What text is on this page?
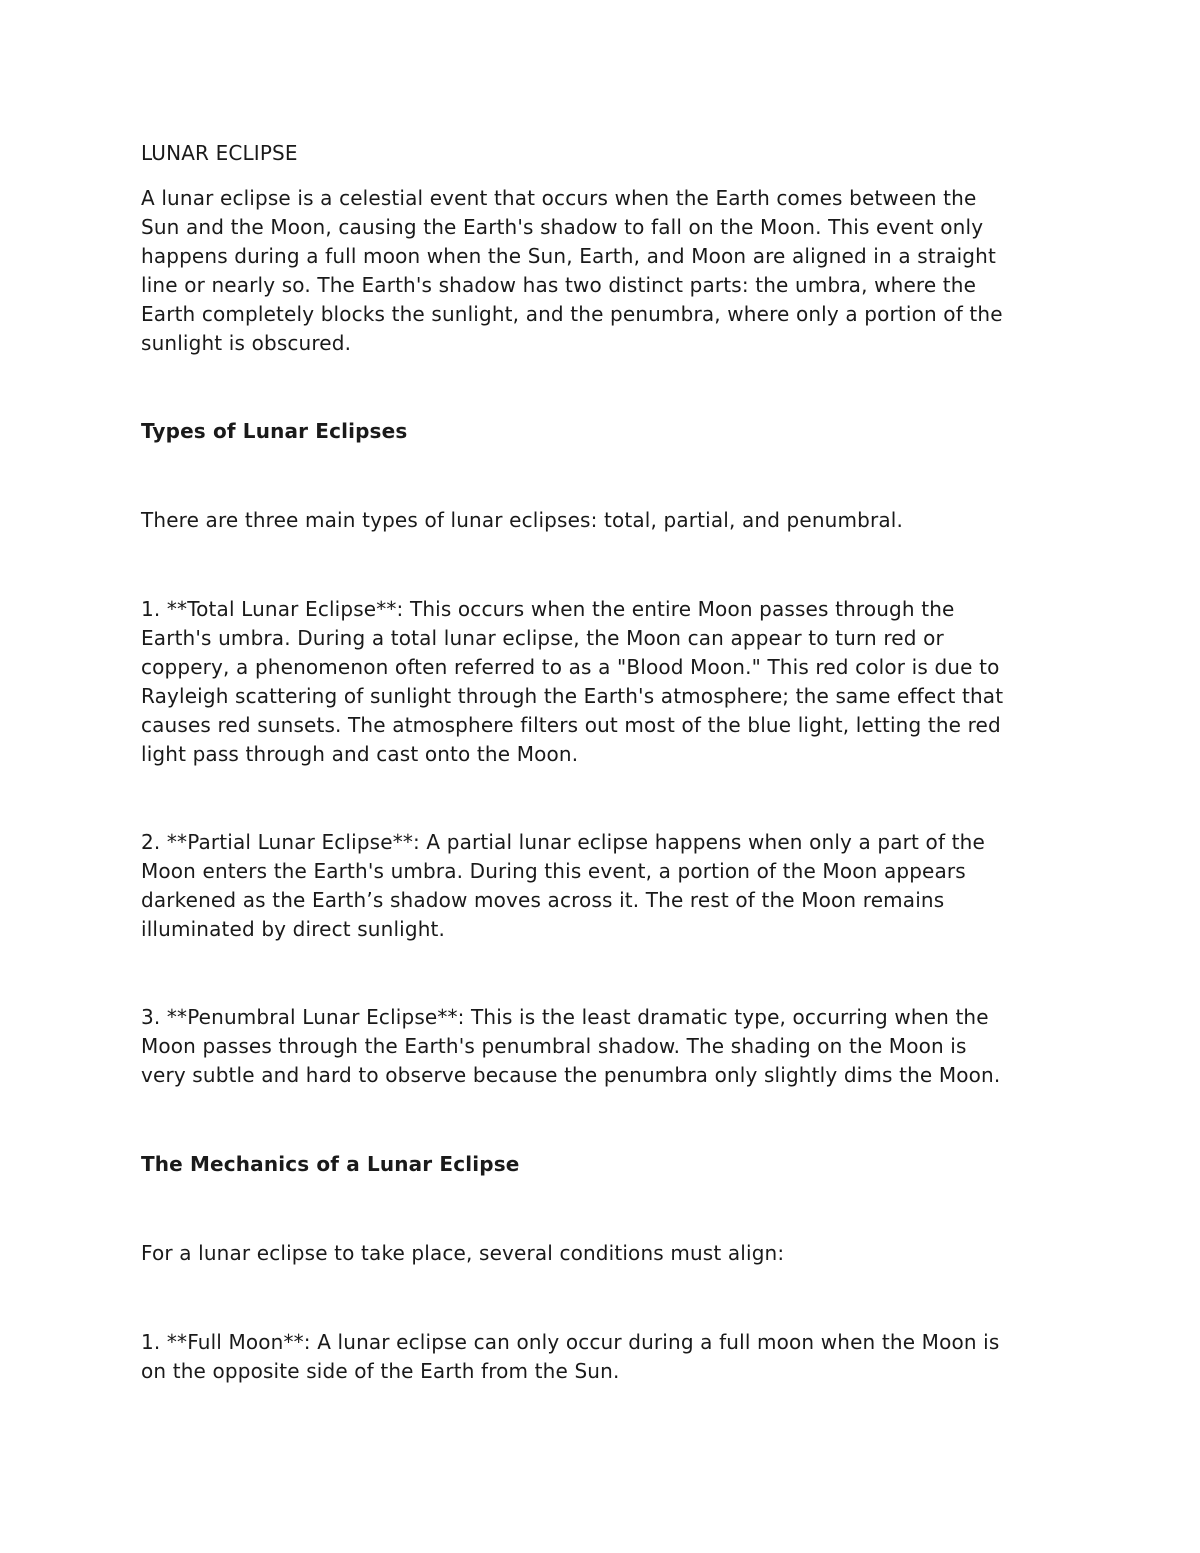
LUNAR ECLIPSE

A lunar eclipse is a celestial event that occurs when the Earth comes between the
Sun and the Moon, causing the Earth's shadow to fall on the Moon. This event only
happens during a full moon when the Sun, Earth, and Moon are aligned in a straight
line or nearly so. The Earth's shadow has two distinct parts: the umbra, where the
Earth completely blocks the sunlight, and the penumbra, where only a portion of the
sunlight is obscured.

Types of Lunar Eclipses

There are three main types of lunar eclipses: total, partial, and penumbral.

1. **Total Lunar Eclipse**: This occurs when the entire Moon passes through the
Earth's umbra. During a total lunar eclipse, the Moon can appear to turn red or
coppery, a phenomenon often referred to as a "Blood Moon." This red color is due to
Rayleigh scattering of sunlight through the Earth's atmosphere; the same effect that
causes red sunsets. The atmosphere filters out most of the blue light, letting the red
light pass through and cast onto the Moon.

2. **Partial Lunar Eclipse**: A partial lunar eclipse happens when only a part of the
Moon enters the Earth's umbra. During this event, a portion of the Moon appears
darkened as the Earth’s shadow moves across it. The rest of the Moon remains
illuminated by direct sunlight.

3. **Penumbral Lunar Eclipse**: This is the least dramatic type, occurring when the
Moon passes through the Earth's penumbral shadow. The shading on the Moon is
very subtle and hard to observe because the penumbra only slightly dims the Moon.

The Mechanics of a Lunar Eclipse

For a lunar eclipse to take place, several conditions must align:

1. **Full Moon**: A lunar eclipse can only occur during a full moon when the Moon is
on the opposite side of the Earth from the Sun.
